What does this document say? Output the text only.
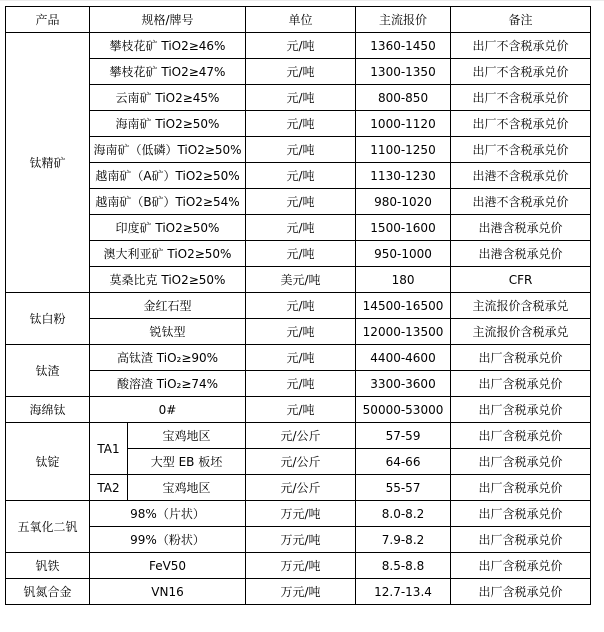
产品	规格/牌号		单位	主流报价	备注
钛精矿	攀枝花矿 TiO2≥46%		元/吨	1360-1450	出厂不含税承兑价
	攀枝花矿 TiO2≥47%		元/吨	1300-1350	出厂不含税承兑价
	云南矿 TiO2≥45%		元/吨	800-850	出厂不含税承兑价
	海南矿 TiO2≥50%		元/吨	1000-1120	出厂不含税承兑价
	海南矿（低磷）TiO2≥50%		元/吨	1100-1250	出厂不含税承兑价
	越南矿（A矿）TiO2≥50%		元/吨	1130-1230	出港不含税承兑价
	越南矿（B矿）TiO2≥54%		元/吨	980-1020	出港不含税承兑价
	印度矿 TiO2≥50%		元/吨	1500-1600	出港含税承兑价
	澳大利亚矿 TiO2≥50%		元/吨	950-1000	出港含税承兑价
	莫桑比克 TiO2≥50%		美元/吨	180	CFR
钛白粉	金红石型		元/吨	14500-16500	主流报价含税承兑
	锐钛型		元/吨	12000-13500	主流报价含税承兑
钛渣	高钛渣 TiO₂≥90%		元/吨	4400-4600	出厂含税承兑价
	酸溶渣 TiO₂≥74%		元/吨	3300-3600	出厂含税承兑价
海绵钛	0#		元/吨	50000-53000	出厂含税承兑价
钛锭	TA1	宝鸡地区	元/公斤	57-59	出厂含税承兑价
		大型 EB 板坯	元/公斤	64-66	出厂含税承兑价
	TA2	宝鸡地区	元/公斤	55-57	出厂含税承兑价
五氧化二钒	98%（片状）		万元/吨	8.0-8.2	出厂含税承兑价
	99%（粉状）		万元/吨	7.9-8.2	出厂含税承兑价
钒铁	FeV50		万元/吨	8.5-8.8	出厂含税承兑价
钒氮合金	VN16		万元/吨	12.7-13.4	出厂含税承兑价
